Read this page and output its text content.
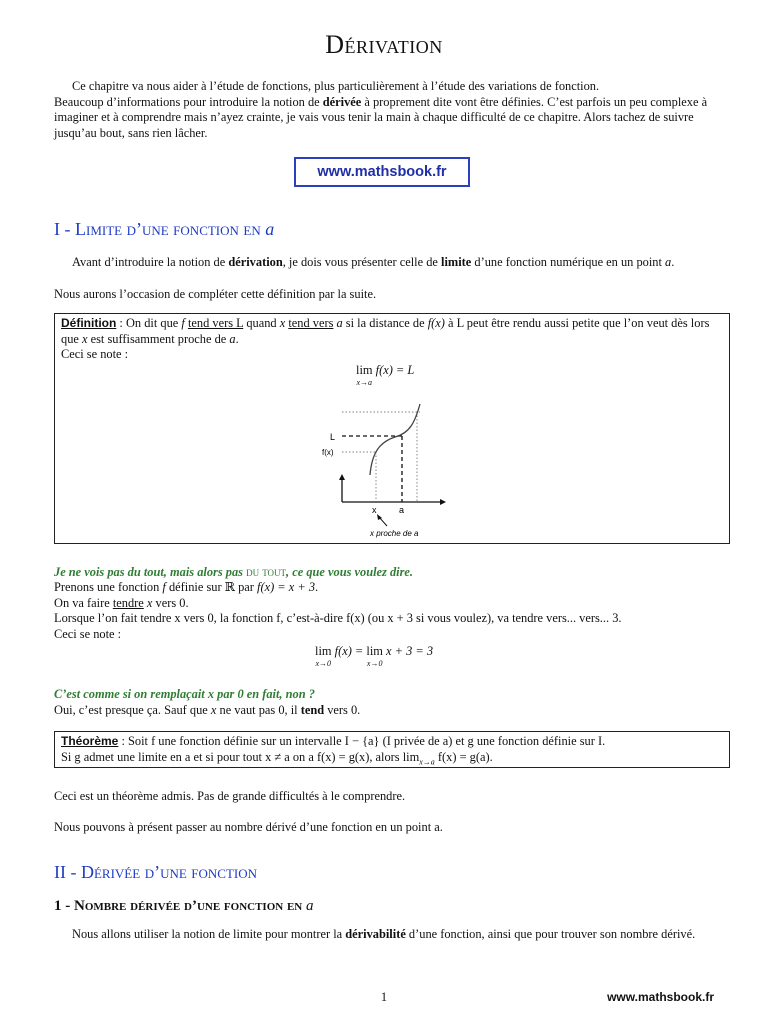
Dérivation
Ce chapitre va nous aider à l’étude de fonctions, plus particulièrement à l’étude des variations de fonction.
Beaucoup d’informations pour introduire la notion de dérivée à proprement dite vont être définies. C’est parfois un peu complexe à imaginer et à comprendre mais n’ayez crainte, je vais vous tenir la main à chaque difficulté de ce chapitre. Alors tachez de suivre jusqu’au bout, sans rien lâcher.
www.mathsbook.fr
I - Limite d’une fonction en a
Avant d’introduire la notion de dérivation, je dois vous présenter celle de limite d’une fonction numérique en un point a.
Nous aurons l’occasion de compléter cette définition par la suite.
Définition : On dit que f tend vers L quand x tend vers a si la distance de f(x) à L peut être rendu aussi petite que l’on veut dès lors que x est suffisamment proche de a.
Ceci se note :
lim
$^{x\to a}$ f(x) = L
L
f(x)
x	a
x proche de a
Je ne vois pas du tout, mais alors pas du tout, ce que vous voulez dire.
Prenons une fonction f définie sur ℝ par f(x) = x + 3.
On va faire tendre x vers 0.
Lorsque l’on fait tendre x vers 0, la fonction f, c’est-à-dire f(x) (ou x + 3 si vous voulez), va tendre vers... vers... 3.
Ceci se note :
lim
$^{x\to 0}$ f(x) = lim
$^{x\to 0}$ x + 3 = 3
C’est comme si on remplaçait x par 0 en fait, non ?
Oui, c’est presque ça. Sauf que x ne vaut pas 0, il tend vers 0.
Théorème : Soit f une fonction définie sur un intervalle I − {a} (I privée de a) et g une fonction définie sur I.
Si g admet une limite en a et si pour tout x ≠ a on a f(x) = g(x), alors $\lim_{x\to a} f(x) = g(a)$.
Ceci est un théorème admis. Pas de grande difficultés à le comprendre.
Nous pouvons à présent passer au nombre dérivé d’une fonction en un point a.
II - Dérivée d’une fonction
1 - Nombre dérivée d’une fonction en a
Nous allons utiliser la notion de limite pour montrer la dérivabilité d’une fonction, ainsi que pour trouver son nombre dérivé.
1	www.mathsbook.fr
